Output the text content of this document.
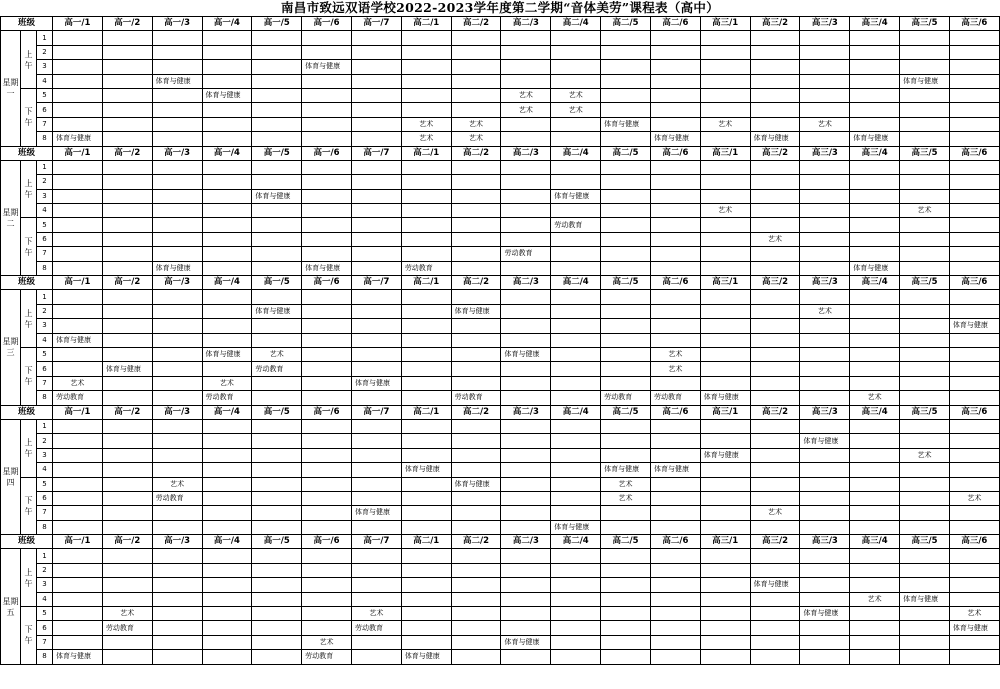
南昌市致远双语学校2022-2023学年度第二学期“音体美劳”课程表（高中）
班级			高一/1	高一/2	高一/3	高一/4	高一/5	高一/6	高一/7	高二/1	高二/2	高二/3	高二/4	高二/5	高二/6	高三/1	高三/2	高三/3	高三/4	高三/5	高三/6
星期一	上午	1																			
		2																			
		3						体育与健康													
		4			体育与健康															体育与健康	
	下午	5				体育与健康						艺术	艺术								
		6										艺术	艺术								
		7								艺术	艺术			体育与健康		艺术		艺术			
		8	体育与健康							艺术	艺术				体育与健康		体育与健康		体育与健康		
班级			高一/1	高一/2	高一/3	高一/4	高一/5	高一/6	高一/7	高二/1	高二/2	高二/3	高二/4	高二/5	高二/6	高三/1	高三/2	高三/3	高三/4	高三/5	高三/6
星期二	上午	1																			
		2																			
		3					体育与健康						体育与健康								
		4														艺术				艺术	
	下午	5											劳动教育								
		6															艺术				
		7										劳动教育									
		8			体育与健康			体育与健康		劳动教育									体育与健康		
班级			高一/1	高一/2	高一/3	高一/4	高一/5	高一/6	高一/7	高二/1	高二/2	高二/3	高二/4	高二/5	高二/6	高三/1	高三/2	高三/3	高三/4	高三/5	高三/6
星期三	上午	1																			
		2					体育与健康				体育与健康							艺术			
		3																			体育与健康
		4	体育与健康																		
	下午	5				体育与健康	艺术					体育与健康			艺术						
		6		体育与健康			劳动教育								艺术						
		7	艺术			艺术			体育与健康												
		8	劳动教育			劳动教育					劳动教育			劳动教育	劳动教育	体育与健康			艺术		
班级			高一/1	高一/2	高一/3	高一/4	高一/5	高一/6	高一/7	高二/1	高二/2	高二/3	高二/4	高二/5	高二/6	高三/1	高三/2	高三/3	高三/4	高三/5	高三/6
星期四	上午	1																			
		2																体育与健康			
		3														体育与健康				艺术	
		4								体育与健康				体育与健康	体育与健康						
	下午	5			艺术						体育与健康			艺术							
		6			劳动教育									艺术							艺术
		7							体育与健康								艺术				
		8											体育与健康								
班级			高一/1	高一/2	高一/3	高一/4	高一/5	高一/6	高一/7	高二/1	高二/2	高二/3	高二/4	高二/5	高二/6	高三/1	高三/2	高三/3	高三/4	高三/5	高三/6
星期五	上午	1																			
		2																			
		3															体育与健康				
		4																	艺术	体育与健康	
	下午	5		艺术					艺术									体育与健康			艺术
		6		劳动教育					劳动教育												体育与健康
		7						艺术				体育与健康									
		8	体育与健康					劳动教育		体育与健康											
